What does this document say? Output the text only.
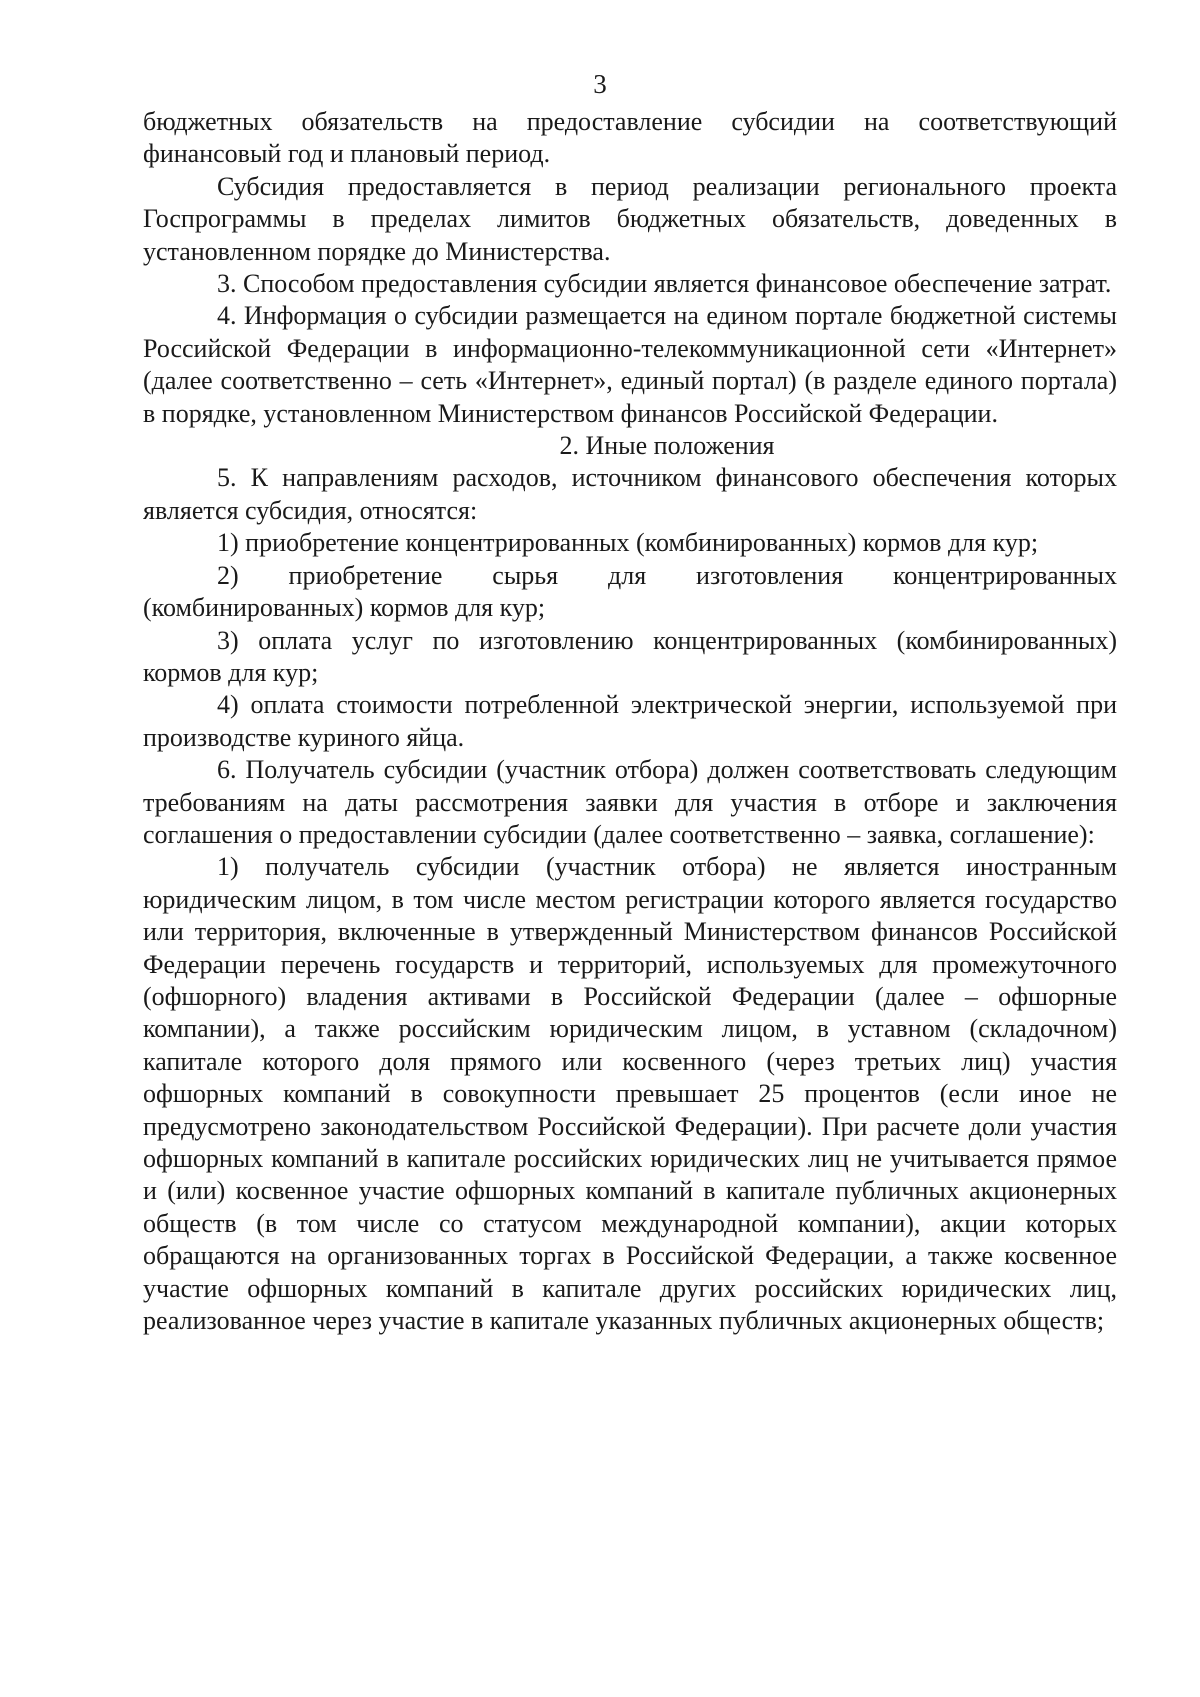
3

бюджетных обязательств на предоставление субсидии на соответствующий финансовый год и плановый период.

Субсидия предоставляется в период реализации регионального проекта Госпрограммы в пределах лимитов бюджетных обязательств, доведенных в установленном порядке до Министерства.

3. Способом предоставления субсидии является финансовое обеспечение затрат.

4. Информация о субсидии размещается на едином портале бюджетной системы Российской Федерации в информационно-телекоммуникационной сети «Интернет» (далее соответственно – сеть «Интернет», единый портал) (в разделе единого портала) в порядке, установленном Министерством финансов Российской Федерации.

2. Иные положения

5. К направлениям расходов, источником финансового обеспечения которых является субсидия, относятся:

1) приобретение концентрированных (комбинированных) кормов для кур;

2) приобретение сырья для изготовления концентрированных (комбинированных) кормов для кур;

3) оплата услуг по изготовлению концентрированных (комбинированных) кормов для кур;

4) оплата стоимости потребленной электрической энергии, используемой при производстве куриного яйца.

6. Получатель субсидии (участник отбора) должен соответствовать следующим требованиям на даты рассмотрения заявки для участия в отборе и заключения соглашения о предоставлении субсидии (далее соответственно – заявка, соглашение):

1) получатель субсидии (участник отбора) не является иностранным юридическим лицом, в том числе местом регистрации которого является государство или территория, включенные в утвержденный Министерством финансов Российской Федерации перечень государств и территорий, используемых для промежуточного (офшорного) владения активами в Российской Федерации (далее – офшорные компании), а также российским юридическим лицом, в уставном (складочном) капитале которого доля прямого или косвенного (через третьих лиц) участия офшорных компаний в совокупности превышает 25 процентов (если иное не предусмотрено законодательством Российской Федерации). При расчете доли участия офшорных компаний в капитале российских юридических лиц не учитывается прямое и (или) косвенное участие офшорных компаний в капитале публичных акционерных обществ (в том числе со статусом международной компании), акции которых обращаются на организованных торгах в Российской Федерации, а также косвенное участие офшорных компаний в капитале других российских юридических лиц, реализованное через участие в капитале указанных публичных акционерных обществ;
